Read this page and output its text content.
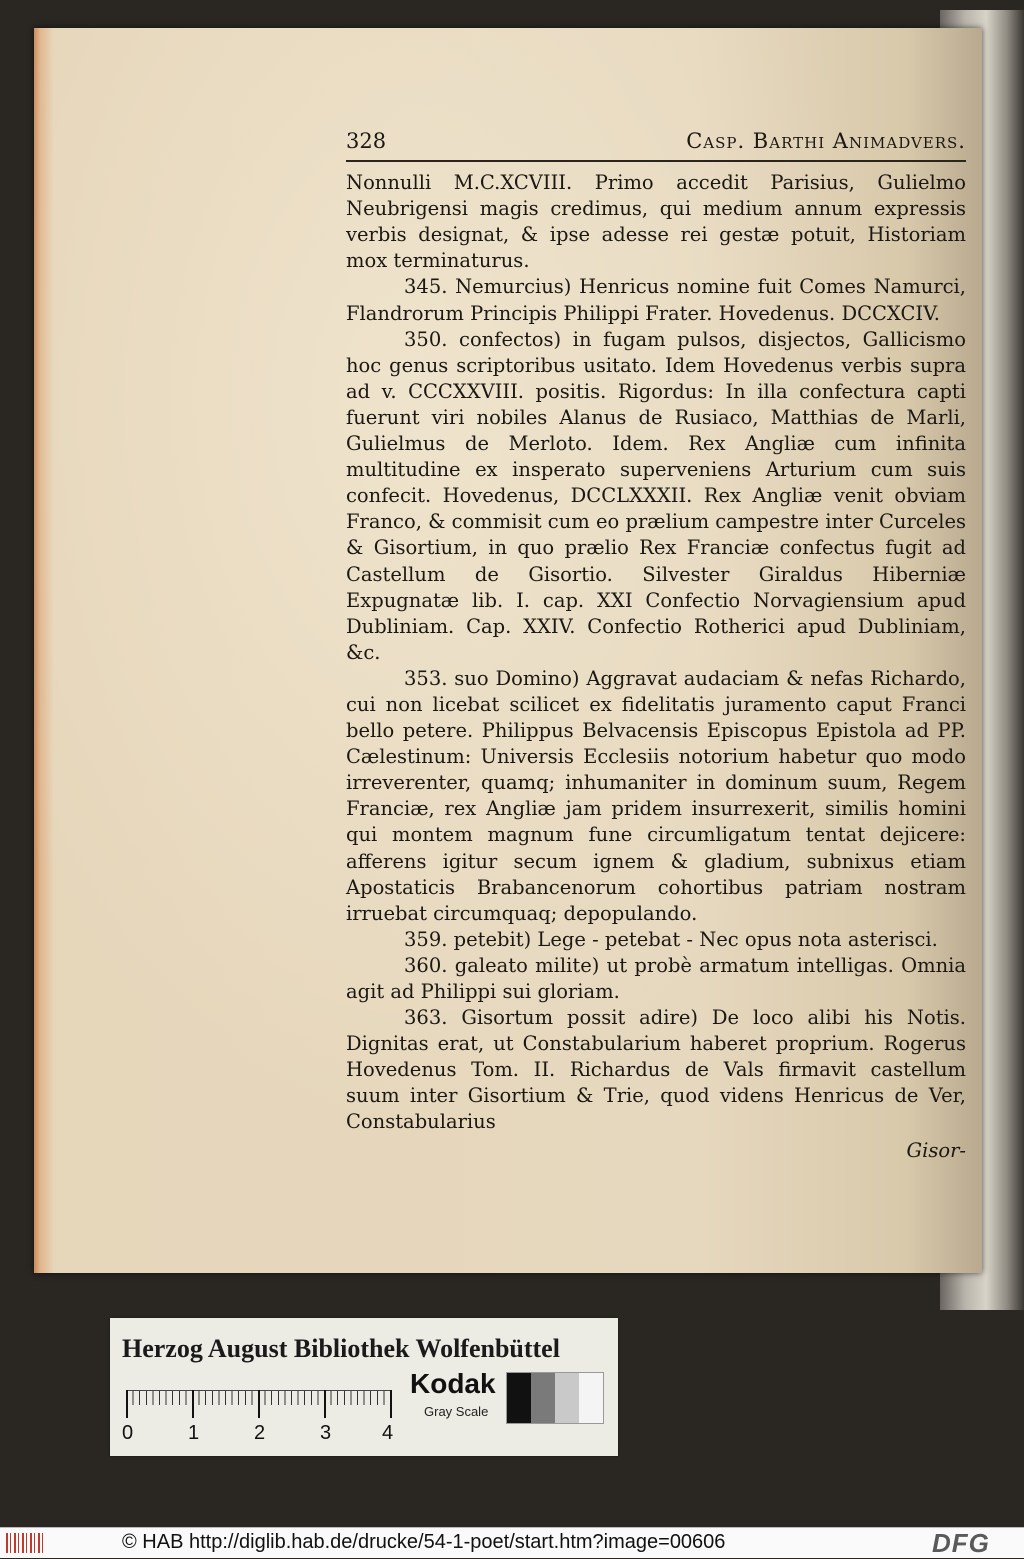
328	Casp. Barthi Animadvers.

Nonnulli M.C.XCVIII. Primo accedit Parisius, Gulielmo Neubrigensi magis credimus, qui medium annum expressis verbis designat, & ipse adesse rei gestæ potuit, Historiam mox terminaturus.

345. Nemurcius) Henricus nomine fuit Comes Namurci, Flandrorum Principis Philippi Frater. Hovedenus. DCCXCIV.

350. confectos) in fugam pulsos, disjectos, Gallicismo hoc genus scriptoribus usitato. Idem Hovedenus verbis supra ad v. CCCXXVIII. positis. Rigordus: In illa confectura capti fuerunt viri nobiles Alanus de Rusiaco, Matthias de Marli, Gulielmus de Merloto. Idem. Rex Angliæ cum infinita multitudine ex insperato superveniens Arturium cum suis confecit. Hovedenus, DCCLXXXII. Rex Angliæ venit obviam Franco, & commisit cum eo prælium campestre inter Curceles & Gisortium, in quo prælio Rex Franciæ confectus fugit ad Castellum de Gisortio. Silvester Giraldus Hiberniæ Expugnatæ lib. I. cap. XXI Confectio Norvagiensium apud Dubliniam. Cap. XXIV. Confectio Rotherici apud Dubliniam, &c.

353. suo Domino) Aggravat audaciam & nefas Richardo, cui non licebat scilicet ex fidelitatis juramento caput Franci bello petere. Philippus Belvacensis Episcopus Epistola ad PP. Cælestinum: Universis Ecclesiis notorium habetur quo modo irreverenter, quamq; inhumaniter in dominum suum, Regem Franciæ, rex Angliæ jam pridem insurrexerit, similis homini qui montem magnum fune circumligatum tentat dejicere: afferens igitur secum ignem & gladium, subnixus etiam Apostaticis Brabancenorum cohortibus patriam nostram irruebat circumquaq; depopulando.

359. petebit) Lege - petebat - Nec opus nota asterisci.

360. galeato milite) ut probè armatum intelligas. Omnia agit ad Philippi sui gloriam.

363. Gisortum possit adire) De loco alibi his Notis. Dignitas erat, ut Constabularium haberet proprium. Rogerus Hovedenus Tom. II. Richardus de Vals firmavit castellum suum inter Gisortium & Trie, quod videns Henricus de Ver, Constabularius

Gisor-
Herzog August Bibliothek Wolfenbüttel
0	1	2	3	4
Kodak
Gray Scale
© HAB http://diglib.hab.de/drucke/54-1-poet/start.htm?image=00606	DFG
